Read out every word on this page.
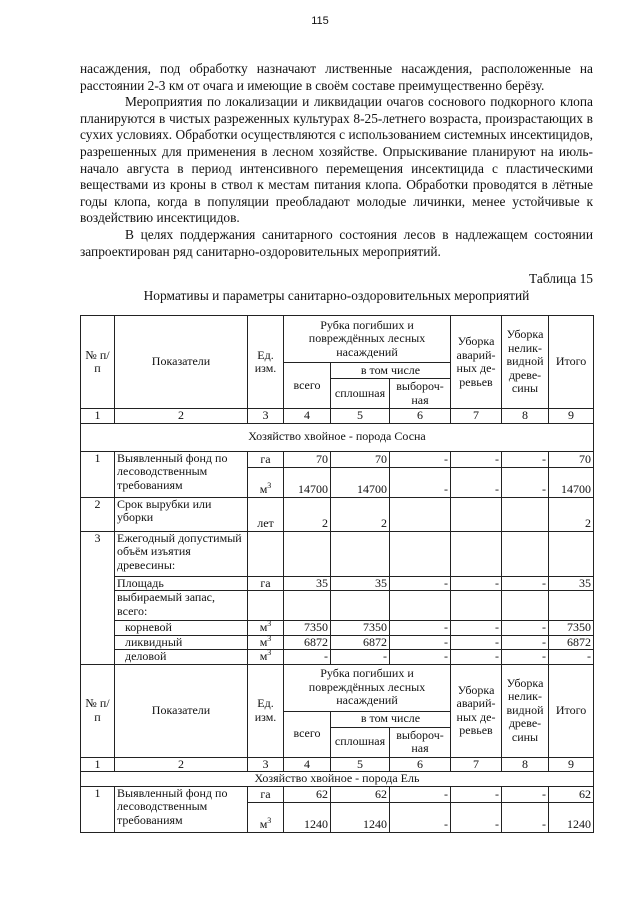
115

насаждения, под обработку назначают лиственные насаждения, расположенные на расстоянии 2-3 км от очага и имеющие в своём составе преимущественно берёзу.

Мероприятия по локализации и ликвидации очагов соснового подкорного клопа планируются в чистых разреженных культурах 8-25-летнего возраста, произрастающих в сухих условиях. Обработки осуществляются с использованием системных инсектицидов, разрешенных для применения в лесном хозяйстве. Опрыскивание планируют на июль-начало августа в период интенсивного перемещения инсектицида с пластическими веществами из кроны в ствол к местам питания клопа. Обработки проводятся в лётные годы клопа, когда в популяции преобладают молодые личинки, менее устойчивые к воздействию инсектицидов.

В целях поддержания санитарного состояния лесов в надлежащем состоянии запроектирован ряд санитарно-оздоровительных мероприятий.

Таблица 15
Нормативы и параметры санитарно-оздоровительных мероприятий
№ п/п	Показатели	Ед. изм.	Рубка погибших и повреждённых лесных насаждений			Уборка аварий-ных де-ревьев	Уборка нелик-видной древе-сины	Итого
			всего	в том числе				
				сплошная	выбороч-ная			
1	2	3	4	5	6	7	8	9
Хозяйство хвойное - порода Сосна								
1	Выявленный фонд по лесоводственным требованиям	га	70	70	-	-	-	70
		$м^3$	14700	14700	-	-	-	14700
2	Срок вырубки или уборки	лет	2	2				2
3	Ежегодный допустимый объём изъятия древесины:							
	Площадь	га	35	35	-	-	-	35
	выбираемый запас, всего:							
	корневой	$м^3$	7350	7350	-	-	-	7350
	ликвидный	$м^3$	6872	6872	-	-	-	6872
	деловой	$м^3$	-	-	-	-	-	-
№ п/п	Показатели	Ед. изм.	Рубка погибших и повреждённых лесных насаждений			Уборка аварий-ных де-ревьев	Уборка нелик-видной древе-сины	Итого
			всего	в том числе				
				сплошная	выбороч-ная			
1	2	3	4	5	6	7	8	9
Хозяйство хвойное - порода Ель								
1	Выявленный фонд по лесоводственным требованиям	га	62	62	-	-	-	62
		$м^3$	1240	1240	-	-	-	1240
